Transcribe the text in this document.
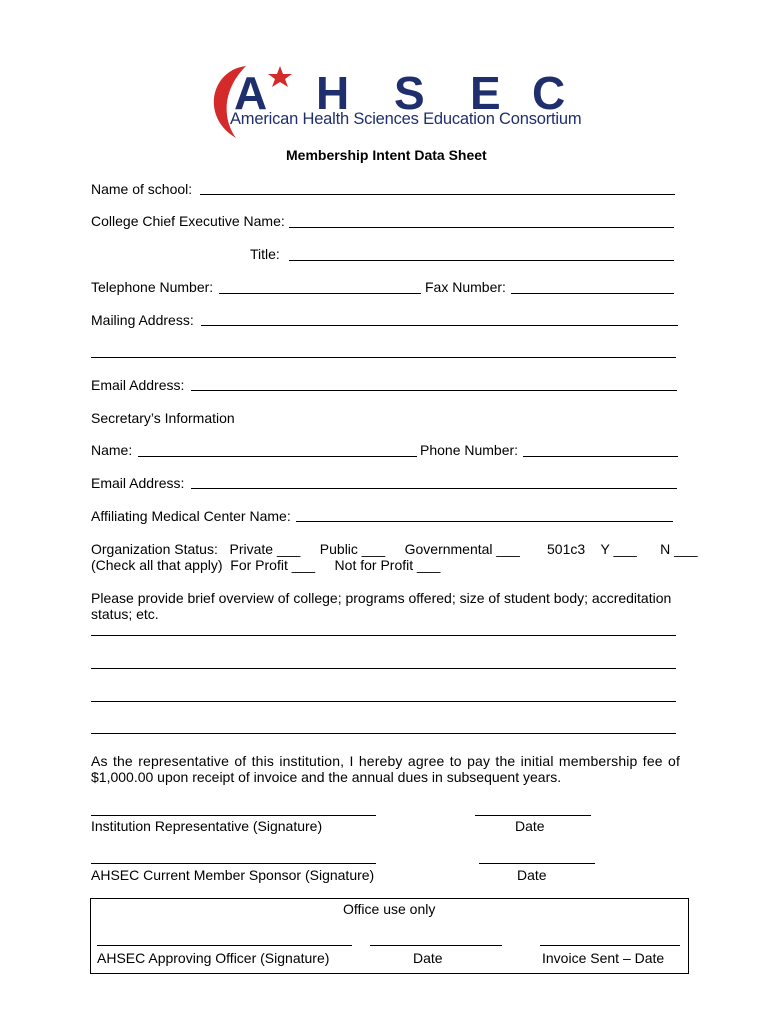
A H S E C
American Health Sciences Education Consortium
Membership Intent Data Sheet
Name of school:
College Chief Executive Name:
Title:
Telephone Number:	Fax Number:
Mailing Address:
Email Address:
Secretary’s Information
Name:	Phone Number:
Email Address:
Affiliating Medical Center Name:
Organization Status:   Private ___     Public ___     Governmental ___       501c3    Y ___      N ___
(Check all that apply)  For Profit ___     Not for Profit ___
Please provide brief overview of college; programs offered; size of student body; accreditation
status; etc.
As the representative of this institution, I hereby agree to pay the initial membership fee of
$1,000.00 upon receipt of invoice and the annual dues in subsequent years.
Institution Representative (Signature)	Date
AHSEC Current Member Sponsor (Signature)	Date
Office use only
AHSEC Approving Officer (Signature)	Date	Invoice Sent – Date
